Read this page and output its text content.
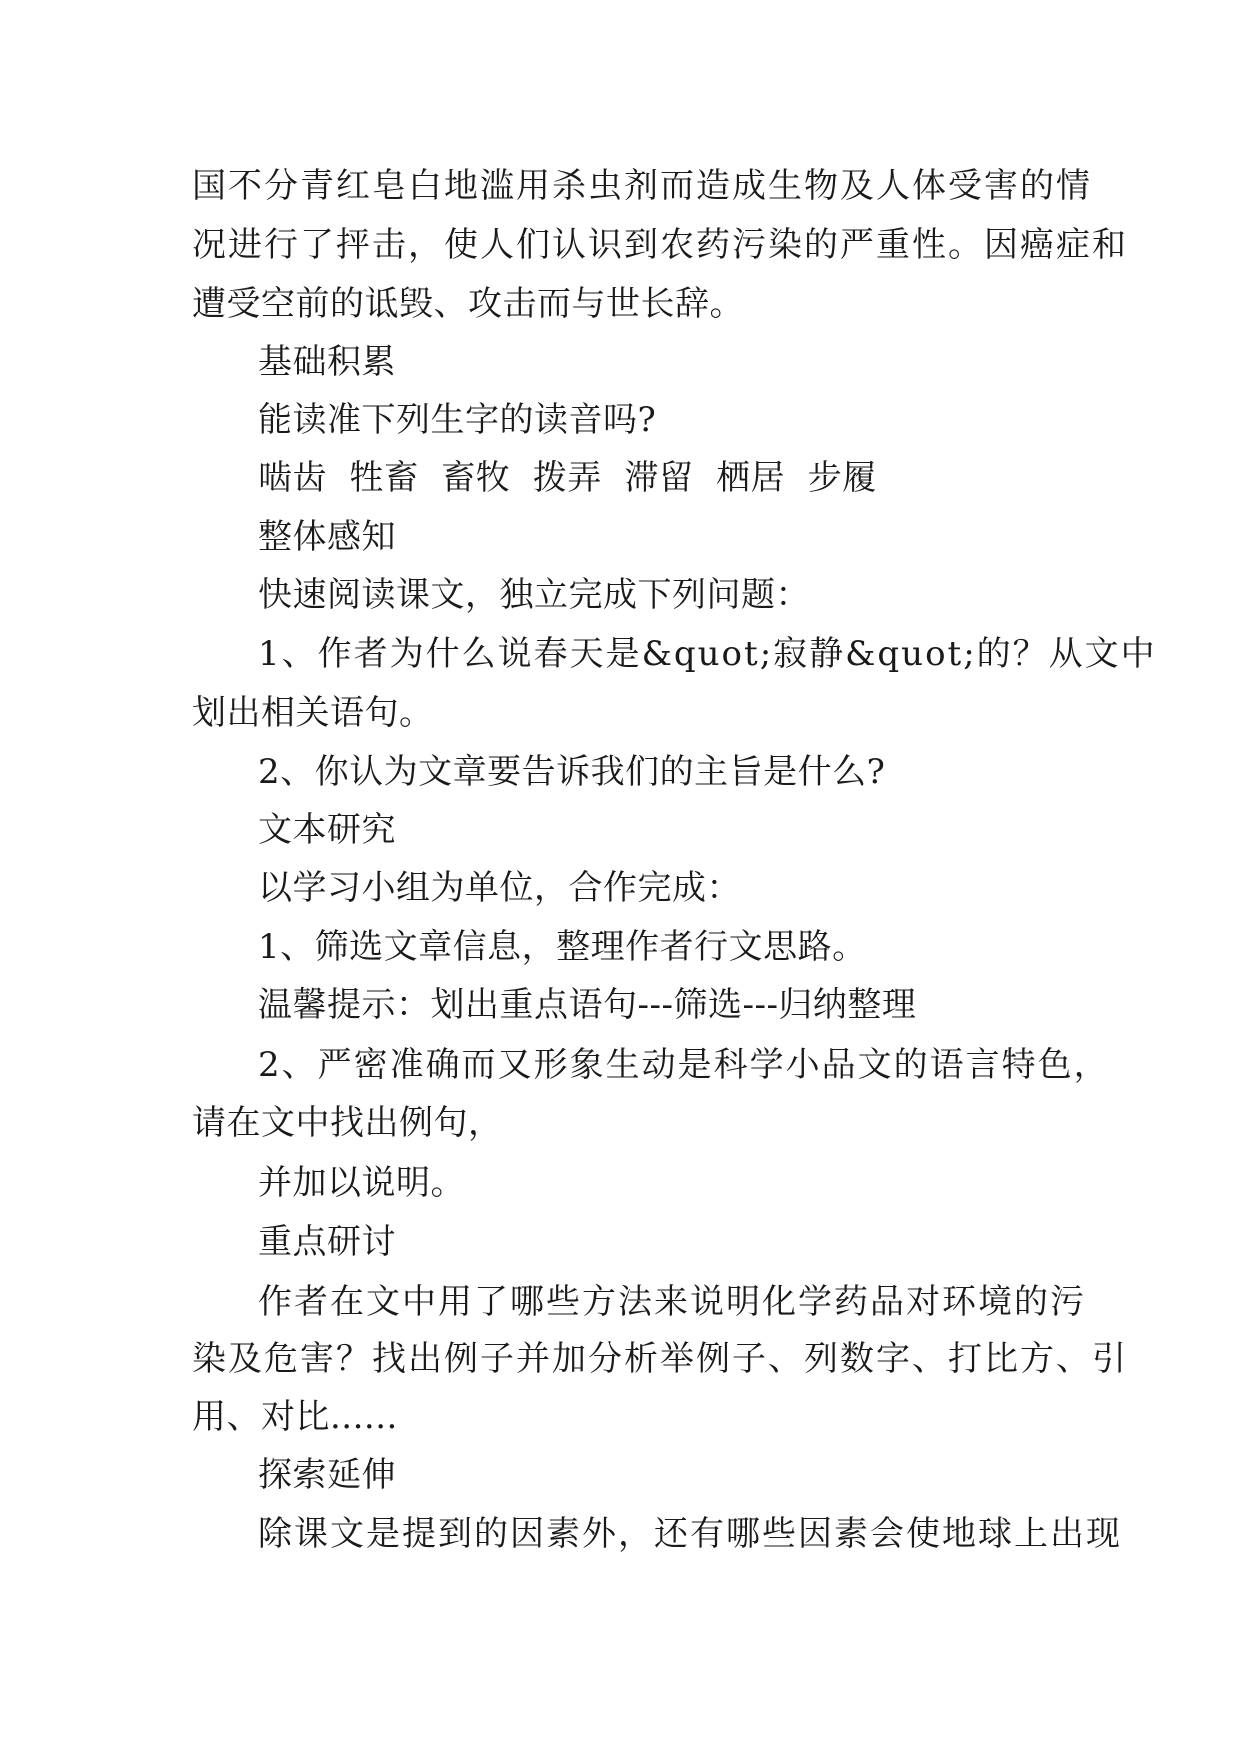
国不分青红皂白地滥用杀虫剂而造成生物及人体受害的情
况进行了抨击，使人们认识到农药污染的严重性。因癌症和
遭受空前的诋毁、攻击而与世长辞。
基础积累
能读准下列生字的读音吗?
啮齿  牲畜  畜牧  拨弄  滞留  栖居  步履
整体感知
快速阅读课文，独立完成下列问题：
1、作者为什么说春天是&quot;寂静&quot;的？从文中
划出相关语句。
2、你认为文章要告诉我们的主旨是什么?
文本研究
以学习小组为单位，合作完成：
1、筛选文章信息，整理作者行文思路。
温馨提示：划出重点语句---筛选---归纳整理
2、严密准确而又形象生动是科学小品文的语言特色，
请在文中找出例句，
并加以说明。
重点研讨
作者在文中用了哪些方法来说明化学药品对环境的污
染及危害？找出例子并加分析举例子、列数字、打比方、引
用、对比......
探索延伸
除课文是提到的因素外，还有哪些因素会使地球上出现
